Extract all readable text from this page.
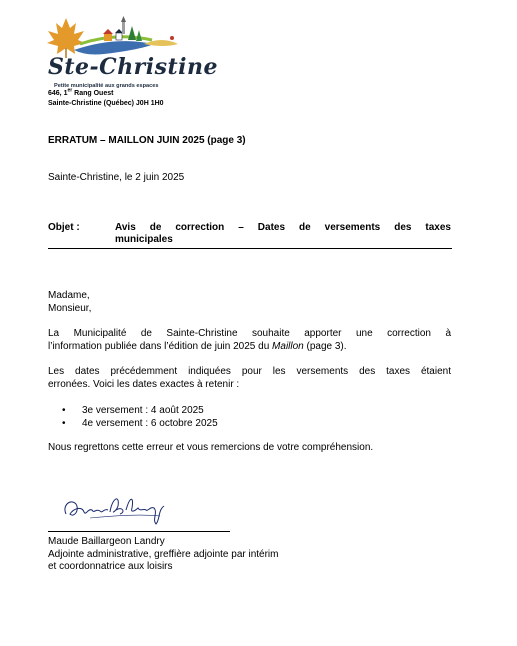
Ste-Christine
Petite municipalité aux grands espaces
646, 1er Rang Ouest
Sainte-Christine (Québec) J0H 1H0
ERRATUM – MAILLON JUIN 2025 (page 3)
Sainte-Christine, le 2 juin 2025
Objet :	Avis de correction – Dates de versements des taxes
municipales
Madame,
Monsieur,
La Municipalité de Sainte-Christine souhaite apporter une correction à
l’information publiée dans l’édition de juin 2025 du Maillon (page 3).
Les dates précédemment indiquées pour les versements des taxes étaient
erronées. Voici les dates exactes à retenir :
• 3e versement : 4 août 2025
• 4e versement : 6 octobre 2025
Nous regrettons cette erreur et vous remercions de votre compréhension.
Maude Baillargeon Landry
Adjointe administrative, greffière adjointe par intérim
et coordonnatrice aux loisirs
